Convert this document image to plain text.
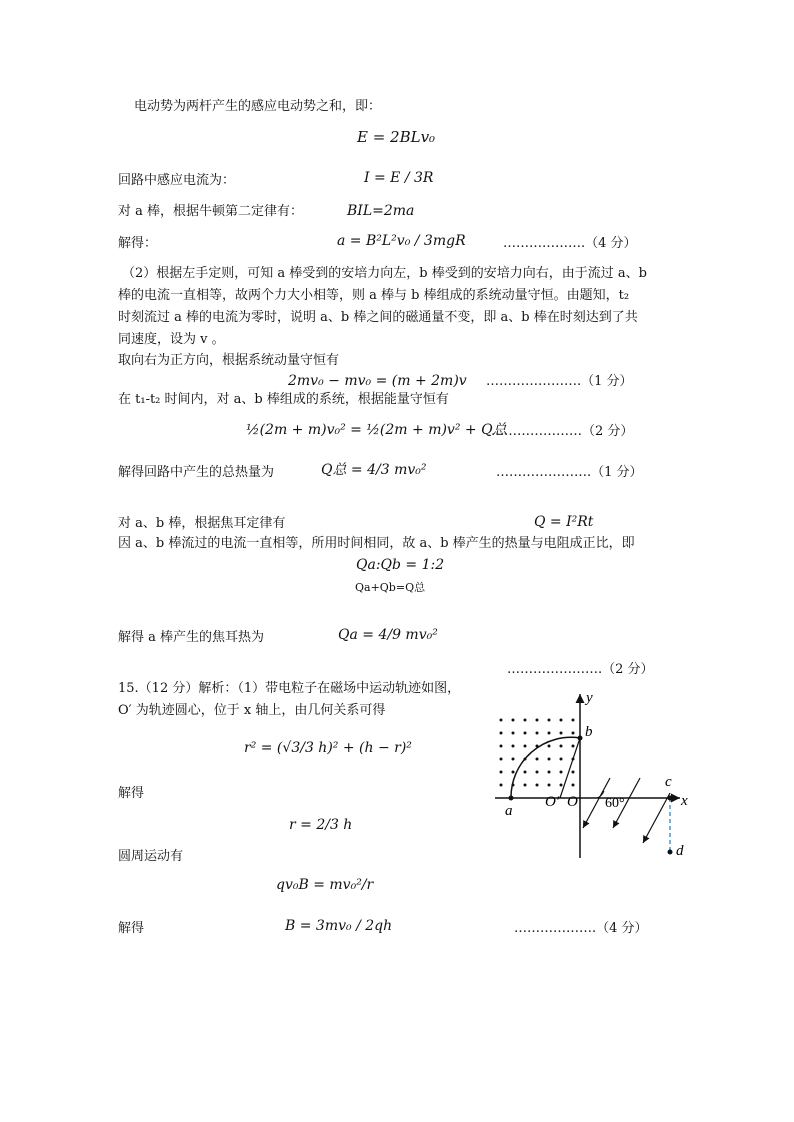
电动势为两杆产生的感应电动势之和，即：
E = 2BLv₀
回路中感应电流为：	I = E / 3R
对 a 棒，根据牛顿第二定律有：	BIL=2ma
解得：	a = B²L²v₀ / 3mgR	……………….（4 分）
（2）根据左手定则，可知 a 棒受到的安培力向左，b 棒受到的安培力向右，由于流过 a、b
棒的电流一直相等，故两个力大小相等，则 a 棒与 b 棒组成的系统动量守恒。由题知，t₂
时刻流过 a 棒的电流为零时，说明 a、b 棒之间的磁通量不变，即 a、b 棒在时刻达到了共
同速度，设为 v 。
取向右为正方向，根据系统动量守恒有
2mv₀ − mv₀ = (m + 2m)v ………………….（1 分）
在 t₁-t₂ 时间内，对 a、b 棒组成的系统，根据能量守恒有
½(2m + m)v₀² = ½(2m + m)v² + Q总
…………………（2 分）
解得回路中产生的总热量为	Q总 = 4/3 mv₀²	………………….（1 分）
对 a、b 棒，根据焦耳定律有	Q = I²Rt
因 a、b 棒流过的电流一直相等，所用时间相同，故 a、b 棒产生的热量与电阻成正比，即
Qa:Qb = 1:2
Qa+Qb=Q总
解得 a 棒产生的焦耳热为	Qa = 4/9 mv₀²
………………….（2 分）
15.（12 分）解析：（1）带电粒子在磁场中运动轨迹如图，
O′ 为轨迹圆心，位于 x 轴上，由几何关系可得
r² = (√3/3 h)² + (h − r)²
解得
r = 2/3 h
圆周运动有
qv₀B = mv₀²/r
解得	B = 3mv₀ / 2qh	……………….（4 分）
y
x
a
O′ O
b
c
d
60°
